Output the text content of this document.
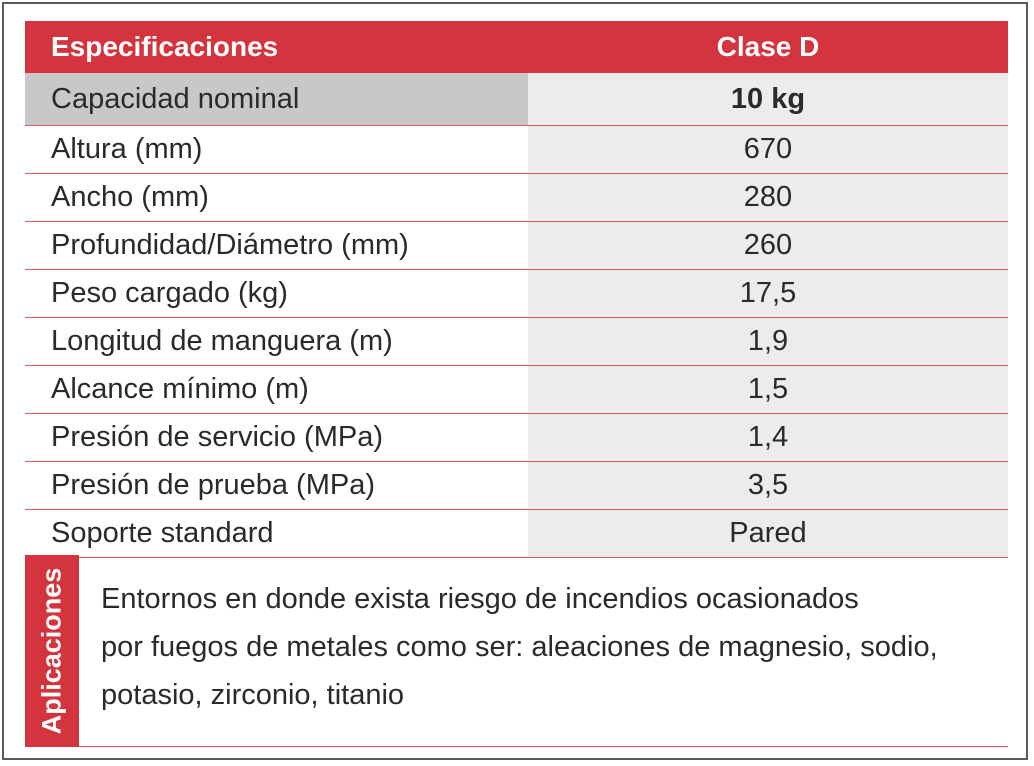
Especificaciones	Clase D
Capacidad nominal	10 kg
Altura (mm)	670
Ancho (mm)	280
Profundidad/Diámetro (mm)	260
Peso cargado (kg)	17,5
Longitud de manguera (m)	1,9
Alcance mínimo (m)	1,5
Presión de servicio (MPa)	1,4
Presión de prueba (MPa)	3,5
Soporte standard	Pared
Aplicaciones Entornos en donde exista riesgo de incendios ocasionados
por fuegos de metales como ser: aleaciones de magnesio, sodio,
potasio, zirconio, titanio
